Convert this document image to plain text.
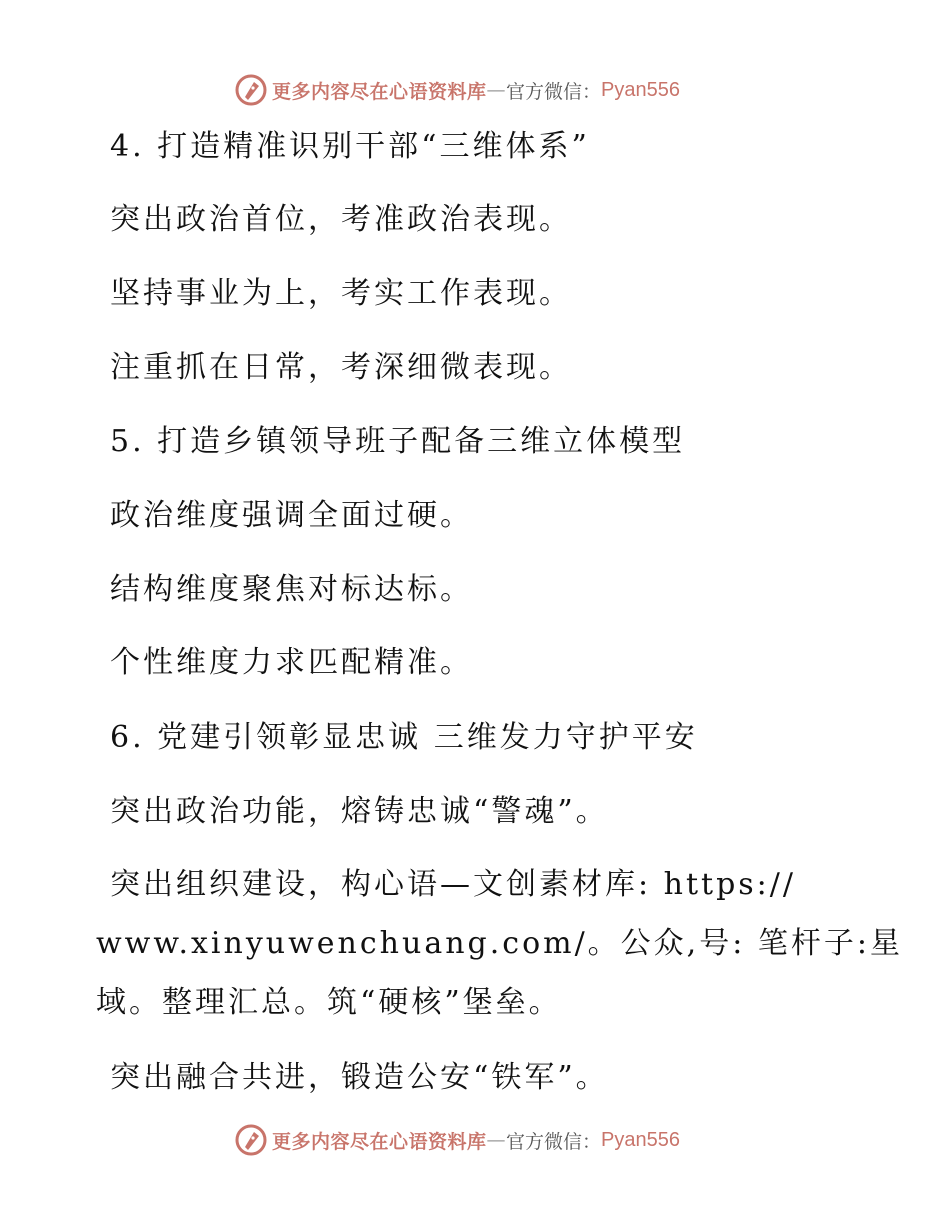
更多内容尽在心语资料库 — 官方微信： Pyan556
4. 打造精准识别干部“三维体系”
突出政治首位，考准政治表现。
坚持事业为上，考实工作表现。
注重抓在日常，考深细微表现。
5. 打造乡镇领导班子配备三维立体模型
政治维度强调全面过硬。
结构维度聚焦对标达标。
个性维度力求匹配精准。
6. 党建引领彰显忠诚 三维发力守护平安
突出政治功能，熔铸忠诚“警魂”。
突出组织建设，构心语—文创素材库: https://
www.xinyuwenchuang.com/。公众,号: 笔杆子:星
域。整理汇总。筑“硬核”堡垒。
突出融合共进，锻造公安“铁军”。
更多内容尽在心语资料库 — 官方微信： Pyan556
